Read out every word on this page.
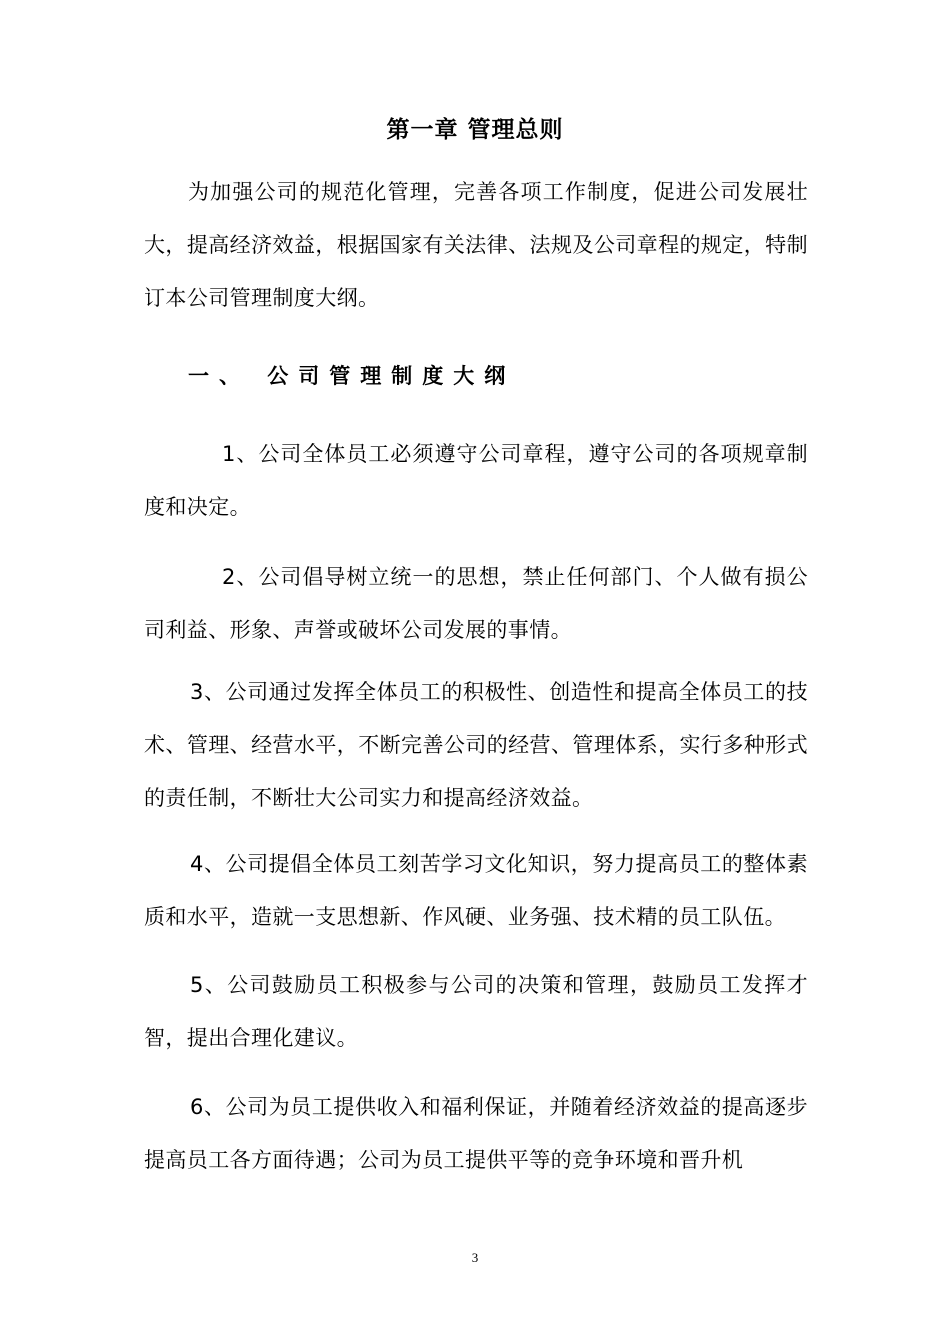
第一章 管理总则
为加强公司的规范化管理，完善各项工作制度，促进公司发展壮大，提高经济效益，根据国家有关法律、法规及公司章程的规定，特制订本公司管理制度大纲。
一、 公司管理制度大纲
1、公司全体员工必须遵守公司章程，遵守公司的各项规章制度和决定。
2、公司倡导树立统一的思想，禁止任何部门、个人做有损公司利益、形象、声誉或破坏公司发展的事情。
3、公司通过发挥全体员工的积极性、创造性和提高全体员工的技术、管理、经营水平，不断完善公司的经营、管理体系，实行多种形式的责任制，不断壮大公司实力和提高经济效益。
4、公司提倡全体员工刻苦学习文化知识，努力提高员工的整体素质和水平，造就一支思想新、作风硬、业务强、技术精的员工队伍。
5、公司鼓励员工积极参与公司的决策和管理，鼓励员工发挥才智，提出合理化建议。
6、公司为员工提供收入和福利保证，并随着经济效益的提高逐步提高员工各方面待遇；公司为员工提供平等的竞争环境和晋升机
3
